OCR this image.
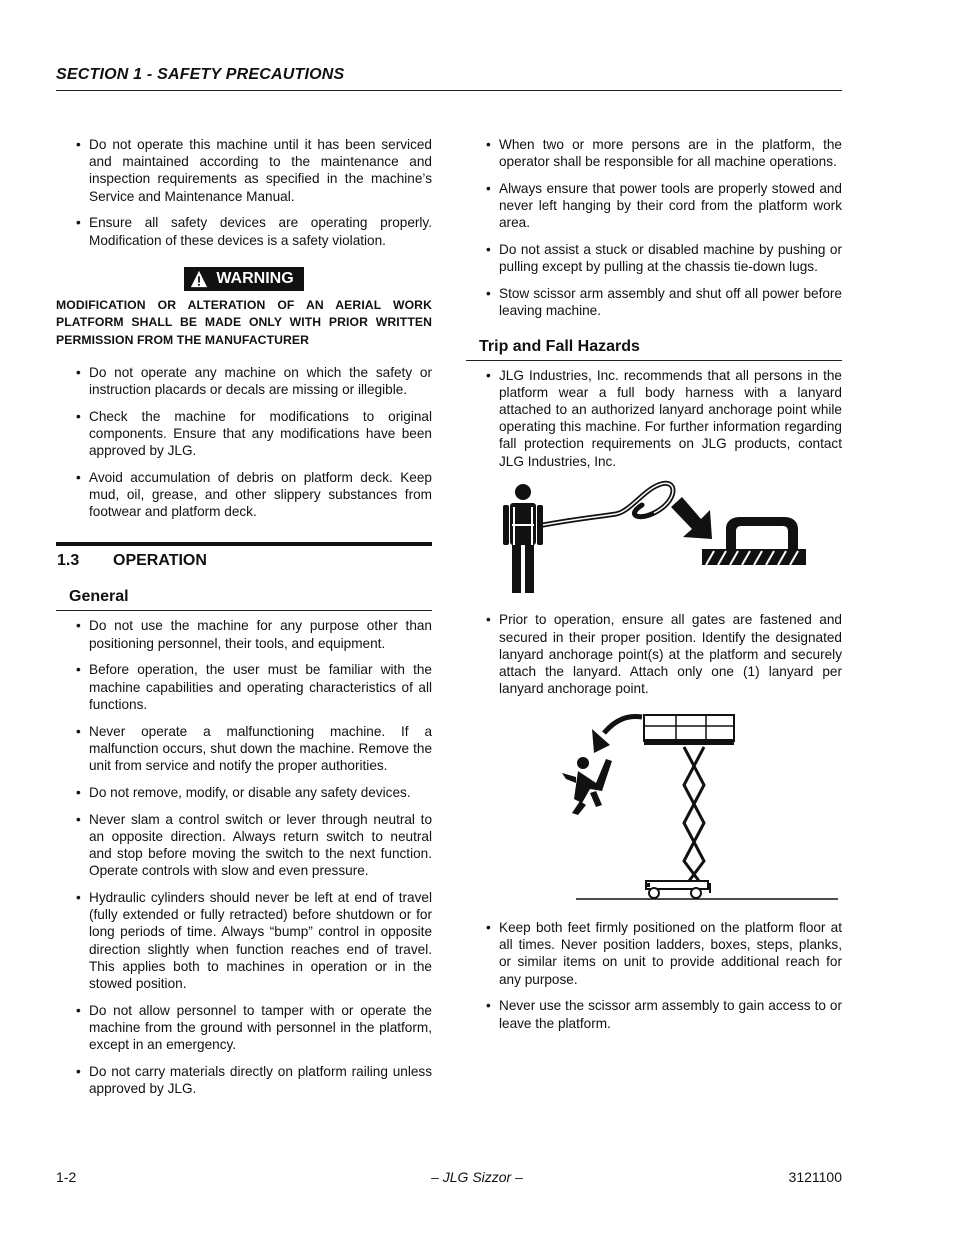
SECTION 1 - SAFETY PRECAUTIONS
• Do not operate this machine until it has been serviced and maintained according to the maintenance and inspection requirements as specified in the machine’s Service and Maintenance Manual.
• Ensure all safety devices are operating properly. Modification of these devices is a safety violation.
WARNING
MODIFICATION OR ALTERATION OF AN AERIAL WORK PLATFORM SHALL BE MADE ONLY WITH PRIOR WRITTEN PERMISSION FROM THE MANUFACTURER
• Do not operate any machine on which the safety or instruction placards or decals are missing or illegible.
• Check the machine for modifications to original components. Ensure that any modifications have been approved by JLG.
• Avoid accumulation of debris on platform deck. Keep mud, oil, grease, and other slippery substances from footwear and platform deck.
1.3	OPERATION
General
• Do not use the machine for any purpose other than positioning personnel, their tools, and equipment.
• Before operation, the user must be familiar with the machine capabilities and operating characteristics of all functions.
• Never operate a malfunctioning machine. If a malfunction occurs, shut down the machine. Remove the unit from service and notify the proper authorities.
• Do not remove, modify, or disable any safety devices.
• Never slam a control switch or lever through neutral to an opposite direction. Always return switch to neutral and stop before moving the switch to the next function. Operate controls with slow and even pressure.
• Hydraulic cylinders should never be left at end of travel (fully extended or fully retracted) before shutdown or for long periods of time. Always “bump” control in opposite direction slightly when function reaches end of travel. This applies both to machines in operation or in the stowed position.
• Do not allow personnel to tamper with or operate the machine from the ground with personnel in the platform, except in an emergency.
• Do not carry materials directly on platform railing unless approved by JLG.
• When two or more persons are in the platform, the operator shall be responsible for all machine operations.
• Always ensure that power tools are properly stowed and never left hanging by their cord from the platform work area.
• Do not assist a stuck or disabled machine by pushing or pulling except by pulling at the chassis tie-down lugs.
• Stow scissor arm assembly and shut off all power before leaving machine.
Trip and Fall Hazards
• JLG Industries, Inc. recommends that all persons in the platform wear a full body harness with a lanyard attached to an authorized lanyard anchorage point while operating this machine. For further information regarding fall protection requirements on JLG products, contact JLG Industries, Inc.
• Prior to operation, ensure all gates are fastened and secured in their proper position. Identify the designated lanyard anchorage point(s) at the platform and securely attach the lanyard. Attach only one (1) lanyard per lanyard anchorage point.
• Keep both feet firmly positioned on the platform floor at all times. Never position ladders, boxes, steps, planks, or similar items on unit to provide additional reach for any purpose.
• Never use the scissor arm assembly to gain access to or leave the platform.
1-2	– JLG Sizzor –	3121100
